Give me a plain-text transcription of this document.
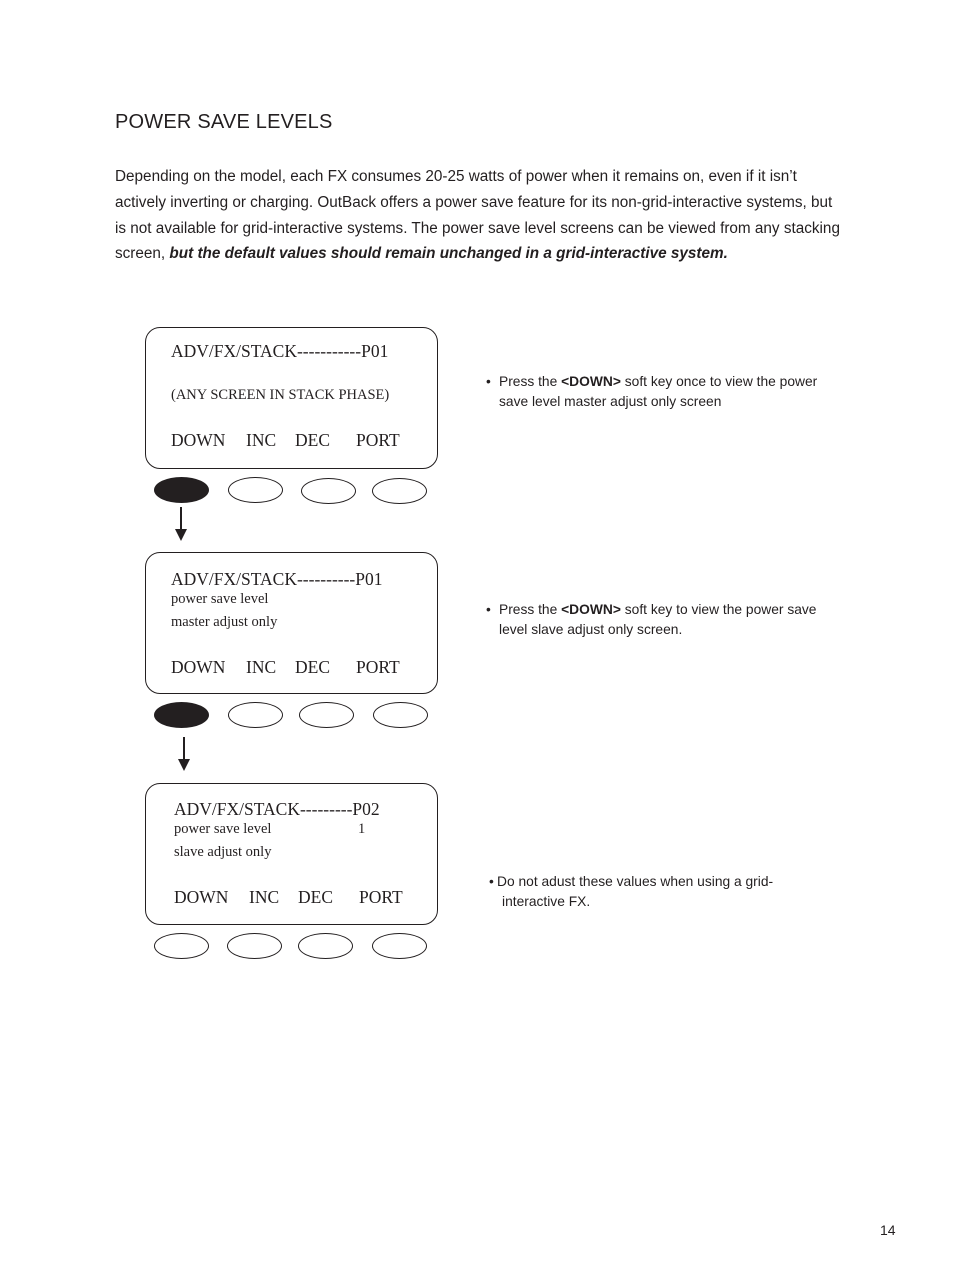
POWER SAVE LEVELS
Depending on the model, each FX consumes 20-25 watts of power when it remains on, even if it isn’t actively inverting or charging. OutBack offers a power save feature for its non-grid-interactive systems, but is not available for grid-interactive systems. The power save level screens can be viewed from any stacking screen, but the default values should remain unchanged in a grid-interactive system.
ADV/FX/STACK-----------P01
(ANY SCREEN IN STACK PHASE)
DOWN INC DEC PORT
ADV/FX/STACK----------P01
power save level
master adjust only
DOWN INC DEC PORT
ADV/FX/STACK---------P02
power save level	1
slave adjust only
DOWN INC DEC PORT
• Press the <DOWN> soft key once to view the power
save level master adjust only screen
• Press the <DOWN> soft key to view the power save
level slave adjust only screen.
• Do not adust these values when using a grid-
interactive FX.
14
